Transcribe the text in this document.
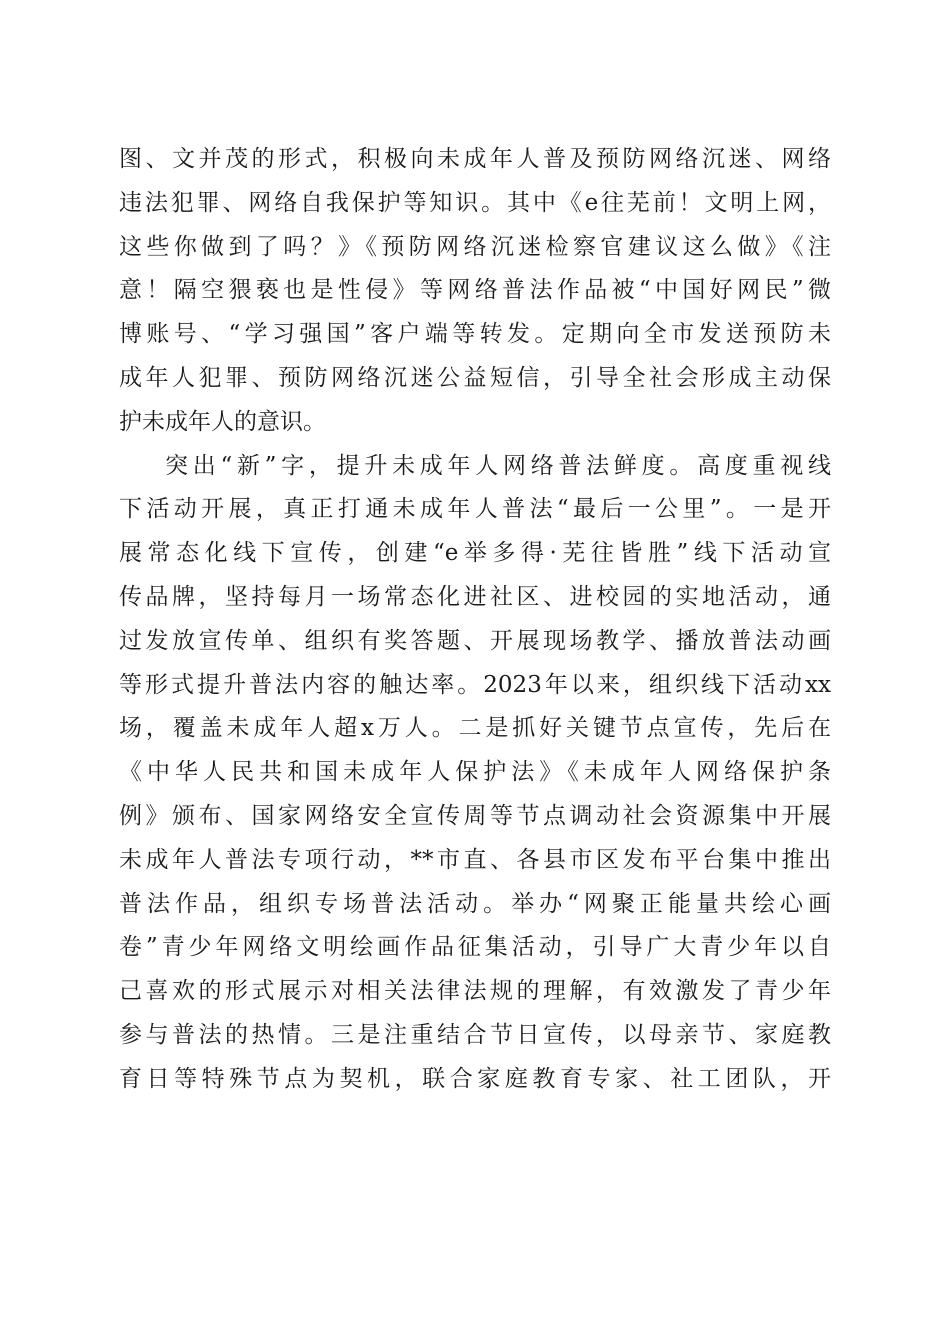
图、文并茂的形式，积极向未成年人普及预防网络沉迷、网络
违法犯罪、网络自我保护等知识。其中《e往芜前！文明上网，
这些你做到了吗？》《预防网络沉迷检察官建议这么做》《注
意！隔空猥亵也是性侵》等网络普法作品被“中国好网民”微
博账号、“学习强国”客户端等转发。定期向全市发送预防未
成年人犯罪、预防网络沉迷公益短信，引导全社会形成主动保
护未成年人的意识。
突出“新”字，提升未成年人网络普法鲜度。高度重视线
下活动开展，真正打通未成年人普法“最后一公里”。一是开
展常态化线下宣传，创建“e举多得·芜往皆胜”线下活动宣
传品牌，坚持每月一场常态化进社区、进校园的实地活动，通
过发放宣传单、组织有奖答题、开展现场教学、播放普法动画
等形式提升普法内容的触达率。2023年以来，组织线下活动xx
场，覆盖未成年人超x万人。二是抓好关键节点宣传，先后在
《中华人民共和国未成年人保护法》《未成年人网络保护条
例》颁布、国家网络安全宣传周等节点调动社会资源集中开展
未成年人普法专项行动，**市直、各县市区发布平台集中推出
普法作品，组织专场普法活动。举办“网聚正能量共绘心画
卷”青少年网络文明绘画作品征集活动，引导广大青少年以自
己喜欢的形式展示对相关法律法规的理解，有效激发了青少年
参与普法的热情。三是注重结合节日宣传，以母亲节、家庭教
育日等特殊节点为契机，联合家庭教育专家、社工团队，开
